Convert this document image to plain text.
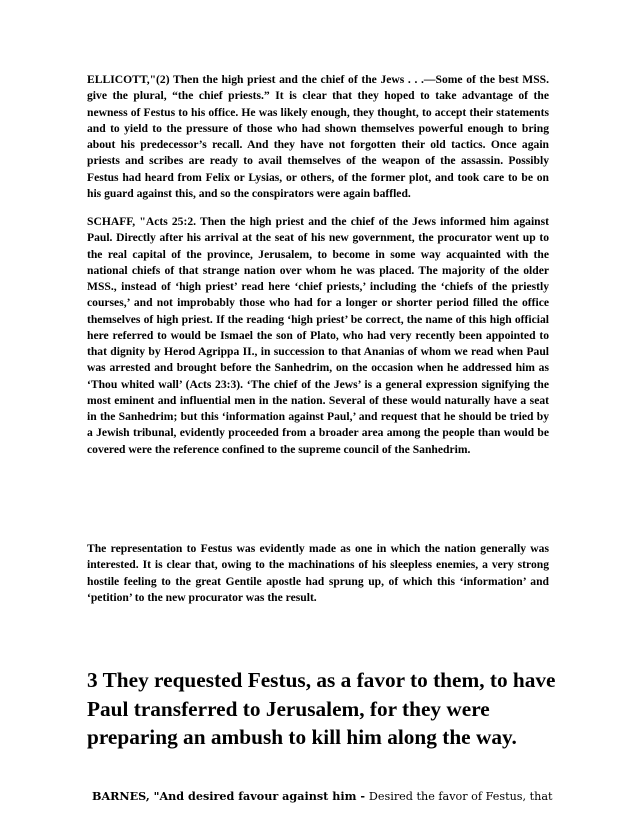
ELLICOTT,"(2) Then the high priest and the chief of the Jews . . .—Some of the best MSS. give the plural, “the chief priests.” It is clear that they hoped to take advantage of the newness of Festus to his office. He was likely enough, they thought, to accept their statements and to yield to the pressure of those who had shown themselves powerful enough to bring about his predecessor’s recall. And they have not forgotten their old tactics. Once again priests and scribes are ready to avail themselves of the weapon of the assassin. Possibly Festus had heard from Felix or Lysias, or others, of the former plot, and took care to be on his guard against this, and so the conspirators were again baffled.

SCHAFF, "Acts 25:2. Then the high priest and the chief of the Jews informed him against Paul. Directly after his arrival at the seat of his new government, the procurator went up to the real capital of the province, Jerusalem, to become in some way acquainted with the national chiefs of that strange nation over whom he was placed. The majority of the older MSS., instead of ‘high priest’ read here ‘chief priests,’ including the ‘chiefs of the priestly courses,’ and not improbably those who had for a longer or shorter period filled the office themselves of high priest. If the reading ‘high priest’ be correct, the name of this high official here referred to would be Ismael the son of Plato, who had very recently been appointed to that dignity by Herod Agrippa II., in succession to that Ananias of whom we read when Paul was arrested and brought before the Sanhedrim, on the occasion when he addressed him as ‘Thou whited wall’ (Acts 23:3). ‘The chief of the Jews’ is a general expression signifying the most eminent and influential men in the nation. Several of these would naturally have a seat in the Sanhedrim; but this ‘information against Paul,’ and request that he should be tried by a Jewish tribunal, evidently proceeded from a broader area among the people than would be covered were the reference confined to the supreme council of the Sanhedrim.

The representation to Festus was evidently made as one in which the nation generally was interested. It is clear that, owing to the machinations of his sleepless enemies, a very strong hostile feeling to the great Gentile apostle had sprung up, of which this ‘information’ and ‘petition’ to the new procurator was the result.

3 They requested Festus, as a favor to them, to have Paul transferred to Jerusalem, for they were preparing an ambush to kill him along the way.

BARNES, "And desired favour against him - Desired the favor of Festus, that
